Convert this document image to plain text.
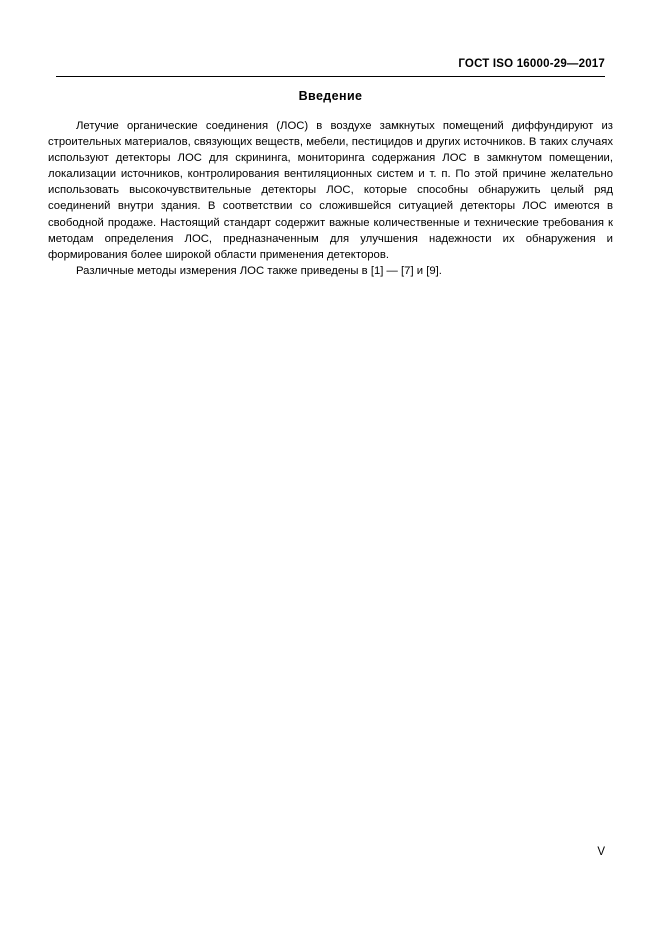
ГОСТ ISO 16000-29—2017
Введение

Летучие органические соединения (ЛОС) в воздухе замкнутых помещений диффундируют из строительных материалов, связующих веществ, мебели, пестицидов и других источников. В таких случаях используют детекторы ЛОС для скрининга, мониторинга содержания ЛОС в замкнутом помещении, локализации источников, контролирования вентиляционных систем и т. п. По этой причине желательно использовать высокочувствительные детекторы ЛОС, которые способны обнаружить целый ряд соединений внутри здания. В соответствии со сложившейся ситуацией детекторы ЛОС имеются в свободной продаже. Настоящий стандарт содержит важные количественные и технические требования к методам определения ЛОС, предназначенным для улучшения надежности их обнаружения и формирования более широкой области применения детекторов.

Различные методы измерения ЛОС также приведены в [1] — [7] и [9].

V
